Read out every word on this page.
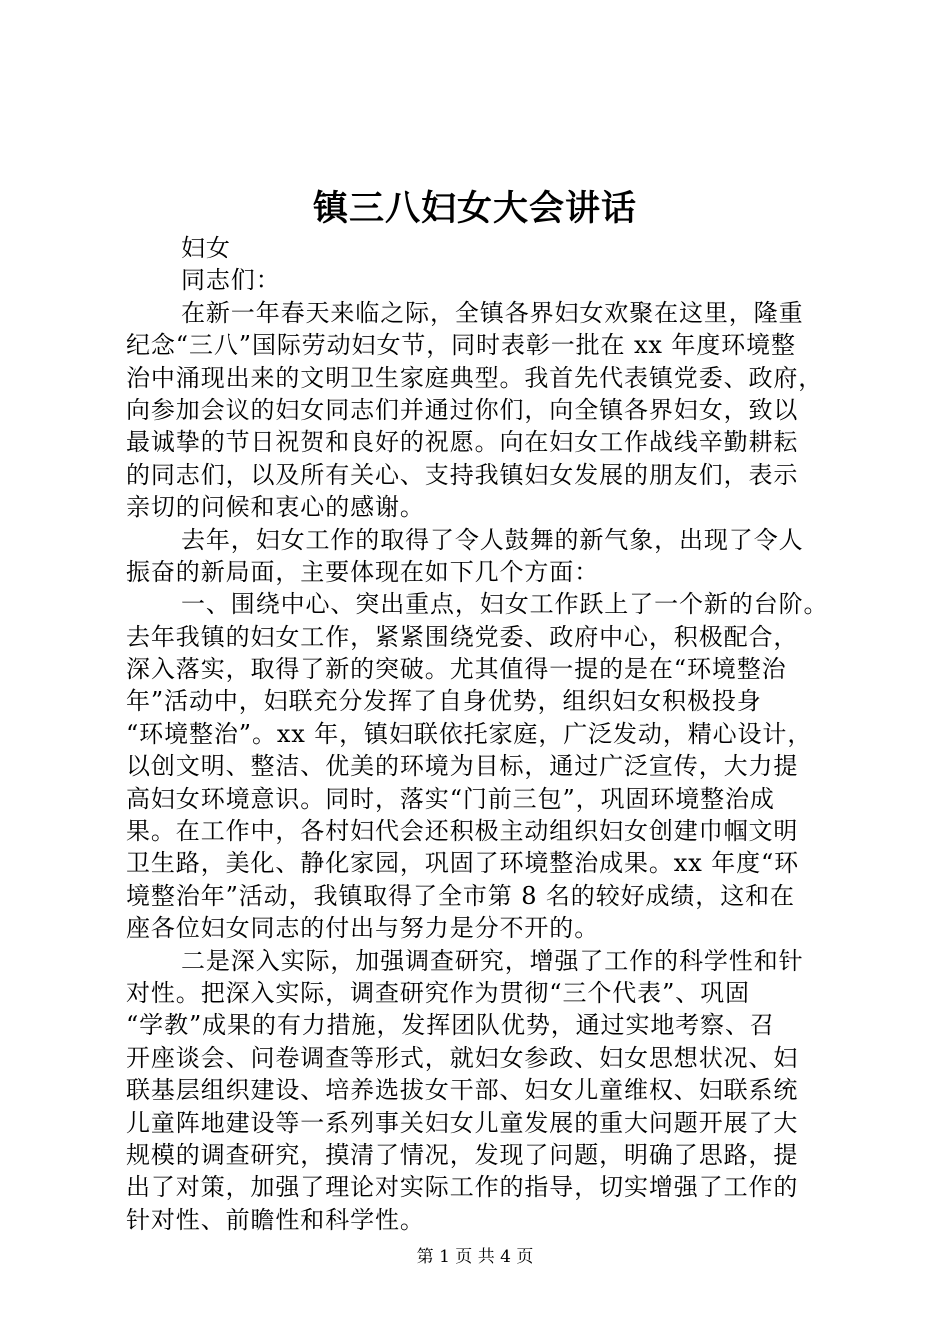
镇三八妇女大会讲话
妇女
同志们：
在新一年春天来临之际，全镇各界妇女欢聚在这里，隆重
纪念“三八”国际劳动妇女节，同时表彰一批在 xx 年度环境整
治中涌现出来的文明卫生家庭典型。我首先代表镇党委、政府，
向参加会议的妇女同志们并通过你们，向全镇各界妇女，致以
最诚挚的节日祝贺和良好的祝愿。向在妇女工作战线辛勤耕耘
的同志们，以及所有关心、支持我镇妇女发展的朋友们，表示
亲切的问候和衷心的感谢。
去年，妇女工作的取得了令人鼓舞的新气象，出现了令人
振奋的新局面，主要体现在如下几个方面：
一、围绕中心、突出重点，妇女工作跃上了一个新的台阶。
去年我镇的妇女工作，紧紧围绕党委、政府中心，积极配合，
深入落实，取得了新的突破。尤其值得一提的是在“环境整治
年”活动中，妇联充分发挥了自身优势，组织妇女积极投身
“环境整治”。xx 年，镇妇联依托家庭，广泛发动，精心设计，
以创文明、整洁、优美的环境为目标，通过广泛宣传，大力提
高妇女环境意识。同时，落实“门前三包”，巩固环境整治成
果。在工作中，各村妇代会还积极主动组织妇女创建巾帼文明
卫生路，美化、静化家园，巩固了环境整治成果。xx 年度“环
境整治年”活动，我镇取得了全市第 8 名的较好成绩，这和在
座各位妇女同志的付出与努力是分不开的。
二是深入实际，加强调查研究，增强了工作的科学性和针
对性。把深入实际，调查研究作为贯彻“三个代表”、巩固
“学教”成果的有力措施，发挥团队优势，通过实地考察、召
开座谈会、问卷调查等形式，就妇女参政、妇女思想状况、妇
联基层组织建设、培养选拔女干部、妇女儿童维权、妇联系统
儿童阵地建设等一系列事关妇女儿童发展的重大问题开展了大
规模的调查研究，摸清了情况，发现了问题，明确了思路，提
出了对策，加强了理论对实际工作的指导，切实增强了工作的
针对性、前瞻性和科学性。
第 1 页 共 4 页
